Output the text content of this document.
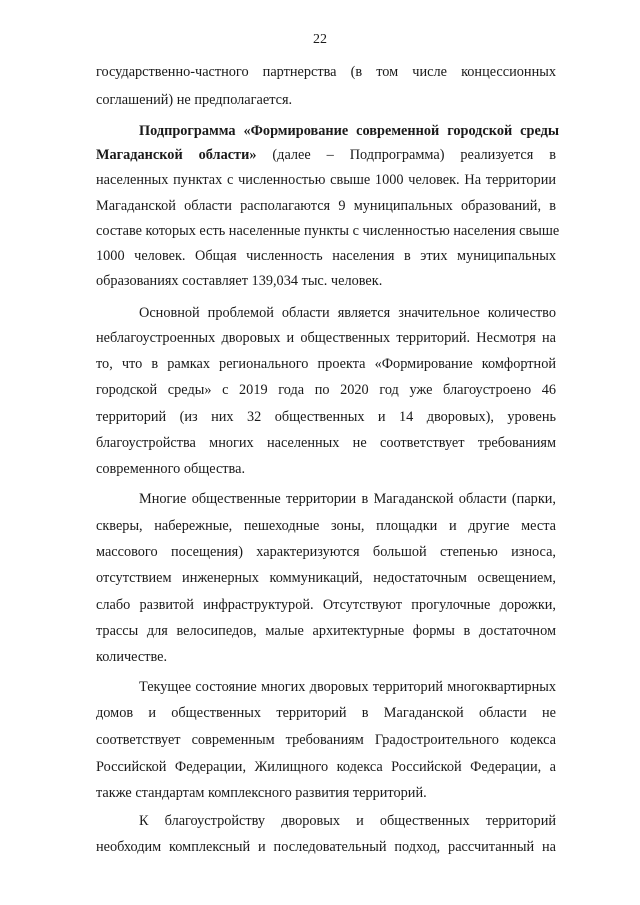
22
государственно-частного партнерства (в том числе концессионных
соглашений) не предполагается.
Подпрограмма «Формирование современной городской среды
Магаданской области» (далее – Подпрограмма) реализуется в
населенных пунктах с численностью свыше 1000 человек. На территории
Магаданской области располагаются 9 муниципальных образований, в
составе которых есть населенные пункты с численностью населения свыше
1000 человек. Общая численность населения в этих муниципальных
образованиях составляет 139,034 тыс. человек.
Основной проблемой области является значительное количество
неблагоустроенных дворовых и общественных территорий. Несмотря на
то, что в рамках регионального проекта «Формирование комфортной
городской среды» с 2019 года по 2020 год уже благоустроено 46
территорий (из них 32 общественных и 14 дворовых), уровень
благоустройства многих населенных не соответствует требованиям
современного общества.
Многие общественные территории в Магаданской области (парки,
скверы, набережные, пешеходные зоны, площадки и другие места
массового посещения) характеризуются большой степенью износа,
отсутствием инженерных коммуникаций, недостаточным освещением,
слабо развитой инфраструктурой. Отсутствуют прогулочные дорожки,
трассы для велосипедов, малые архитектурные формы в достаточном
количестве.
Текущее состояние многих дворовых территорий многоквартирных
домов и общественных территорий в Магаданской области не
соответствует современным требованиям Градостроительного кодекса
Российской Федерации, Жилищного кодекса Российской Федерации, а
также стандартам комплексного развития территорий.
К благоустройству дворовых и общественных территорий
необходим комплексный и последовательный подход, рассчитанный на
